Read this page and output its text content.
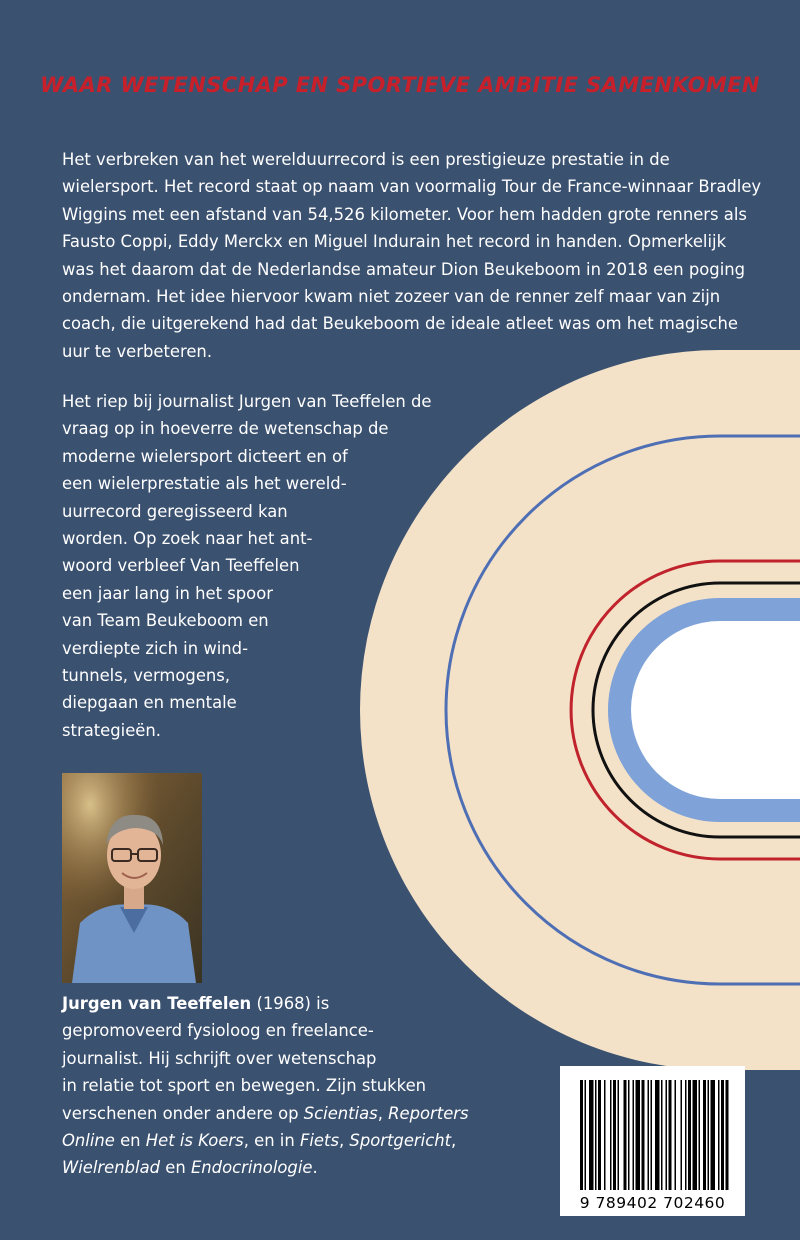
WAAR WETENSCHAP EN SPORTIEVE AMBITIE SAMENKOMEN

Het verbreken van het werelduurrecord is een prestigieuze prestatie in de wielersport. Het record staat op naam van voormalig Tour de France-winnaar Bradley Wiggins met een afstand van 54,526 kilometer. Voor hem hadden grote renners als Fausto Coppi, Eddy Merckx en Miguel Indurain het record in handen. Opmerkelijk was het daarom dat de Nederlandse amateur Dion Beukeboom in 2018 een poging ondernam. Het idee hiervoor kwam niet zozeer van de renner zelf maar van zijn coach, die uitgerekend had dat Beukeboom de ideale atleet was om het magische uur te verbeteren.

Het riep bij journalist Jurgen van Teeffelen de
vraag op in hoeverre de wetenschap de
moderne wielersport dicteert en of
een wielerprestatie als het wereld-
uurrecord geregisseerd kan
worden. Op zoek naar het ant-
woord verbleef Van Teeffelen
een jaar lang in het spoor
van Team Beukeboom en
verdiepte zich in wind-
tunnels, vermogens,
diepgaan en mentale
strategieën.
Jurgen van Teeffelen (1968) is
gepromoveerd fysioloog en freelance-
journalist. Hij schrijft over wetenschap
in relatie tot sport en bewegen. Zijn stukken
verschenen onder andere op Scientias, Reporters
Online en Het is Koers, en in Fiets, Sportgericht,
Wielrenblad en Endocrinologie.
9 789402 702460
